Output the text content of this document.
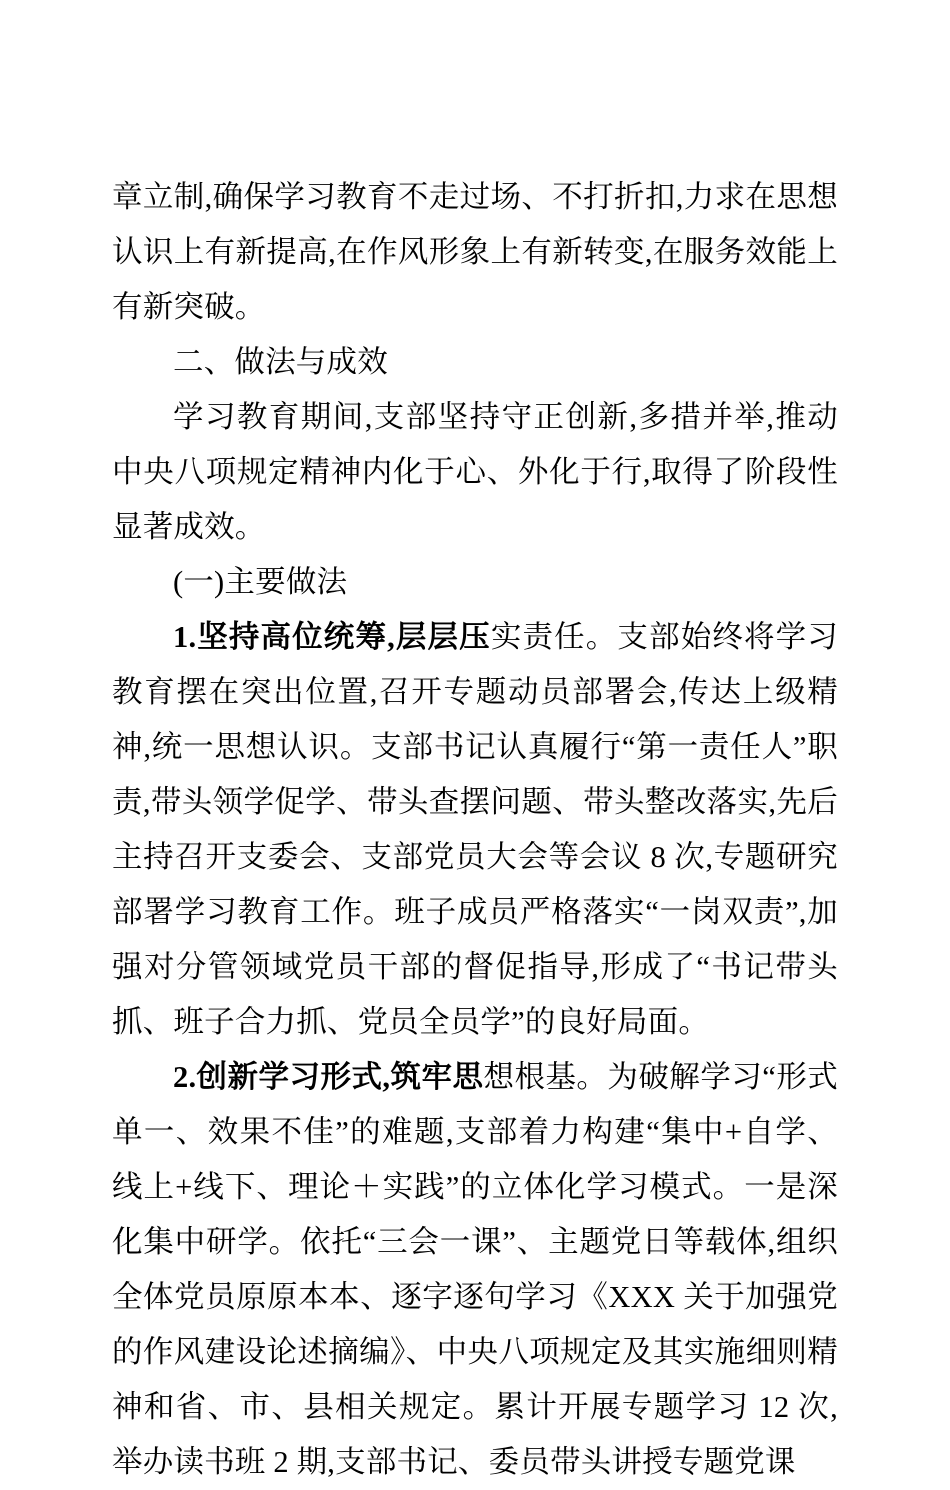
章立制,确保学习教育不走过场、不打折扣,力求在思想认识上有新提高,在作风形象上有新转变,在服务效能上有新突破。

二、做法与成效

学习教育期间,支部坚持守正创新,多措并举,推动中央八项规定精神内化于心、外化于行,取得了阶段性显著成效。

(一)主要做法

1.坚持高位统筹,层层压实责任。支部始终将学习教育摆在突出位置,召开专题动员部署会,传达上级精神,统一思想认识。支部书记认真履行“第一责任人”职责,带头领学促学、带头查摆问题、带头整改落实,先后主持召开支委会、支部党员大会等会议 8 次,专题研究部署学习教育工作。班子成员严格落实“一岗双责”,加强对分管领域党员干部的督促指导,形成了“书记带头抓、班子合力抓、党员全员学”的良好局面。

2.创新学习形式,筑牢思想根基。为破解学习“形式单一、效果不佳”的难题,支部着力构建“集中+自学、线上+线下、理论＋实践”的立体化学习模式。一是深化集中研学。依托“三会一课”、主题党日等载体,组织全体党员原原本本、逐字逐句学习《XXX 关于加强党的作风建设论述摘编》、中央八项规定及其实施细则精神和省、市、县相关规定。累计开展专题学习 12 次,举办读书班 2 期,支部书记、委员带头讲授专题党课
